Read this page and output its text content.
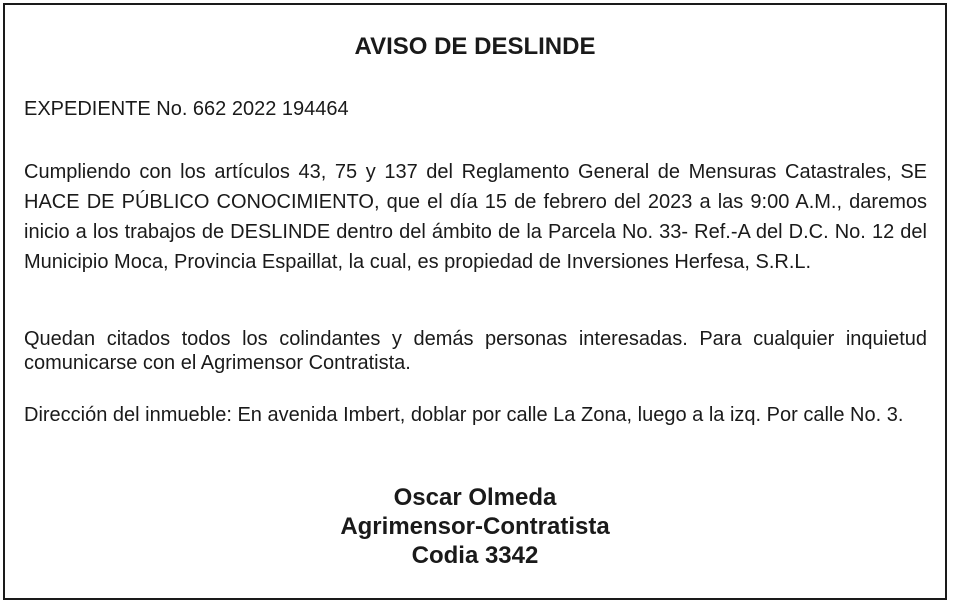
AVISO DE DESLINDE

EXPEDIENTE No. 662 2022 194464

Cumpliendo con los artículos 43, 75 y 137 del Reglamento General de Mensuras Catastrales, SE HACE DE PÚBLICO CONOCIMIENTO, que el día 15 de febrero del 2023 a las 9:00 A.M., daremos inicio a los trabajos de DESLINDE dentro del ámbito de la Parcela No. 33- Ref.-A del D.C. No. 12 del Municipio Moca, Provincia Espaillat, la cual, es propiedad de Inversiones Herfesa, S.R.L.

Quedan citados todos los colindantes y demás personas interesadas. Para cualquier inquietud comunicarse con el Agrimensor Contratista.

Dirección del inmueble: En avenida Imbert, doblar por calle La Zona, luego a la izq. Por calle No. 3.

Oscar Olmeda
Agrimensor-Contratista
Codia 3342
